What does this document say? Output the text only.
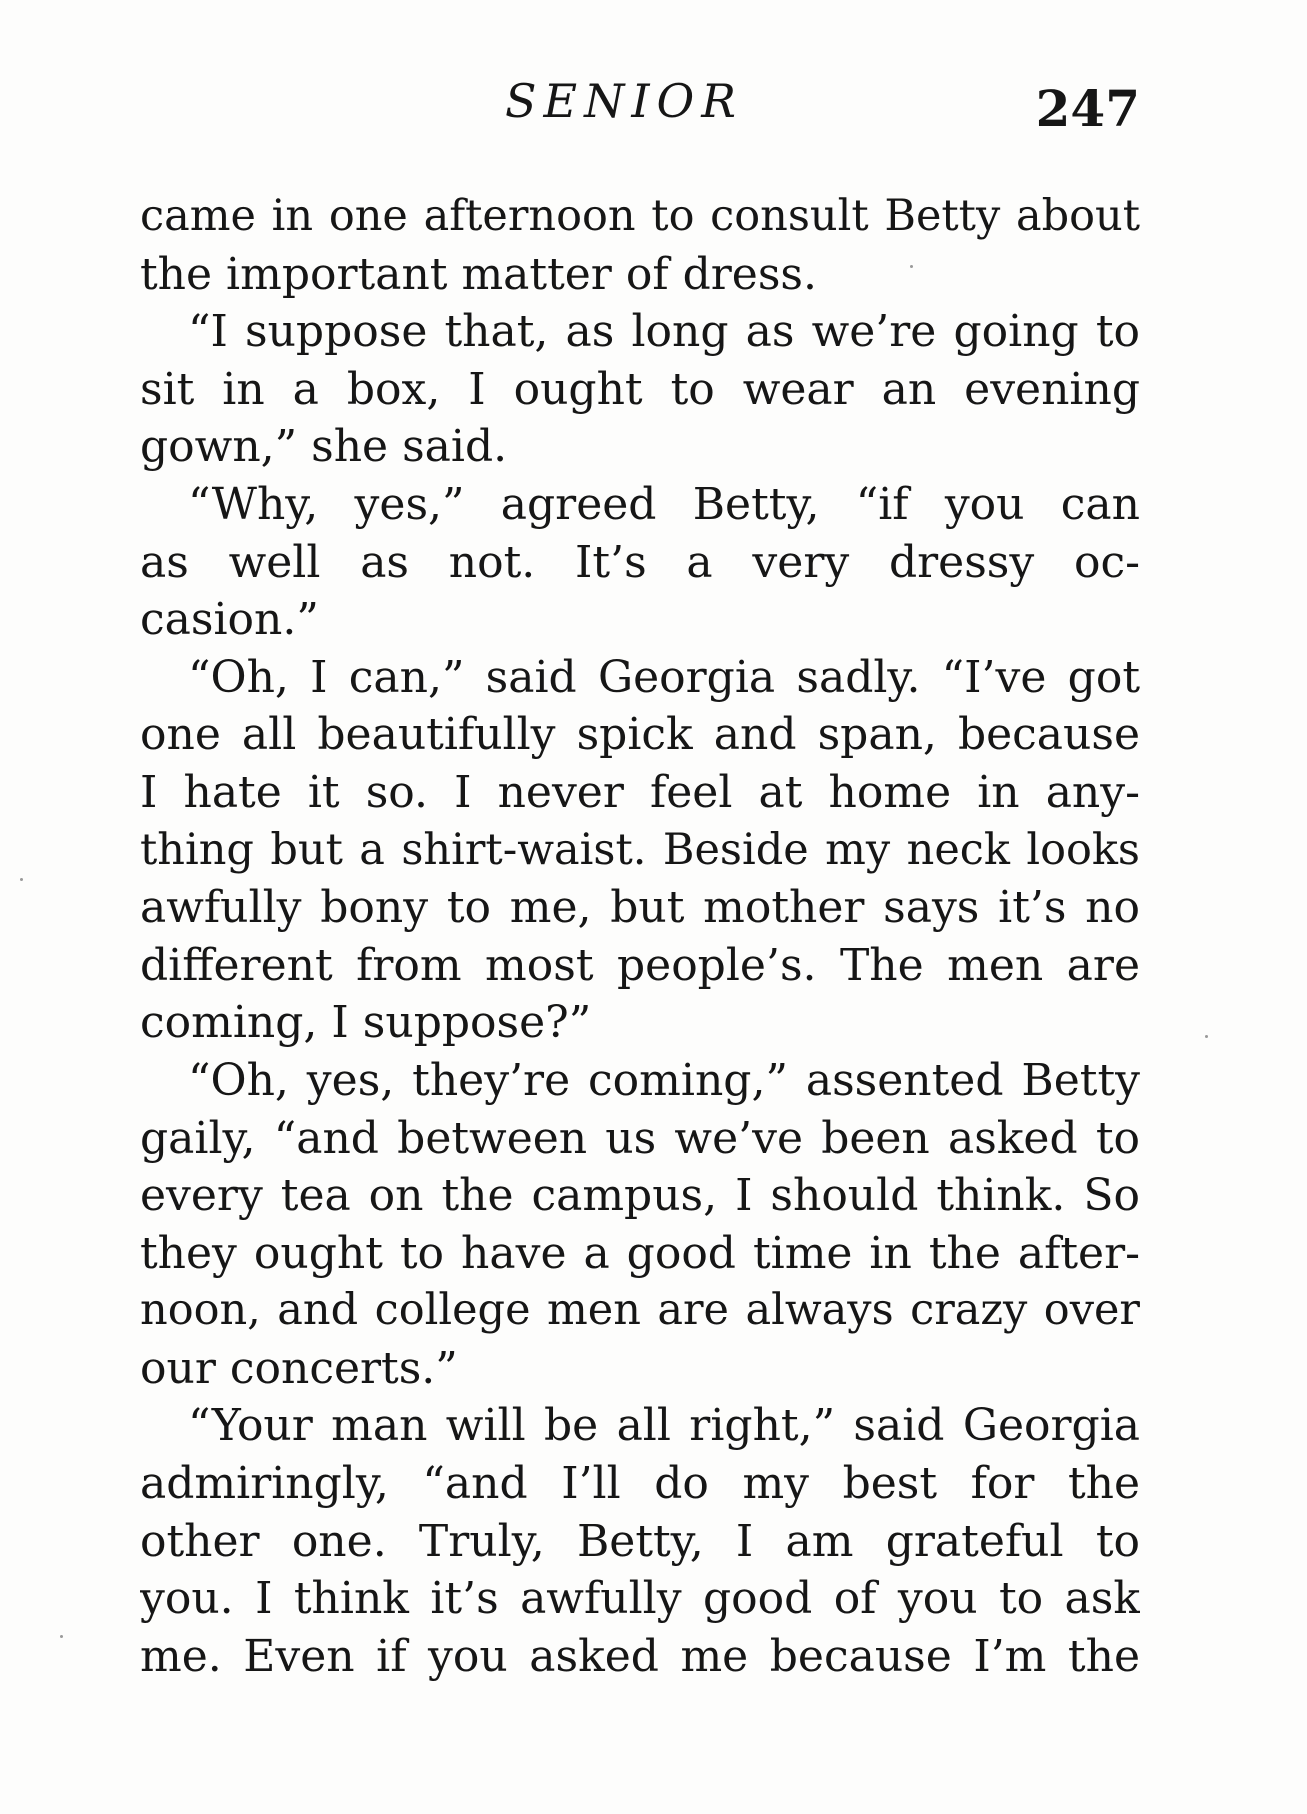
SENIOR	247
came in one afternoon to consult Betty about
the important matter of dress.
“I suppose that, as long as we’re going to
sit in a box, I ought to wear an evening
gown,” she said.
“Why, yes,” agreed Betty, “if you can
as well as not. It’s a very dressy oc-
casion.”
“Oh, I can,” said Georgia sadly. “I’ve got
one all beautifully spick and span, because
I hate it so. I never feel at home in any-
thing but a shirt-waist. Beside my neck looks
awfully bony to me, but mother says it’s no
different from most people’s. The men are
coming, I suppose?”
“Oh, yes, they’re coming,” assented Betty
gaily, “and between us we’ve been asked to
every tea on the campus, I should think. So
they ought to have a good time in the after-
noon, and college men are always crazy over
our concerts.”
“Your man will be all right,” said Georgia
admiringly, “and I’ll do my best for the
other one. Truly, Betty, I am grateful to
you. I think it’s awfully good of you to ask
me. Even if you asked me because I’m the
